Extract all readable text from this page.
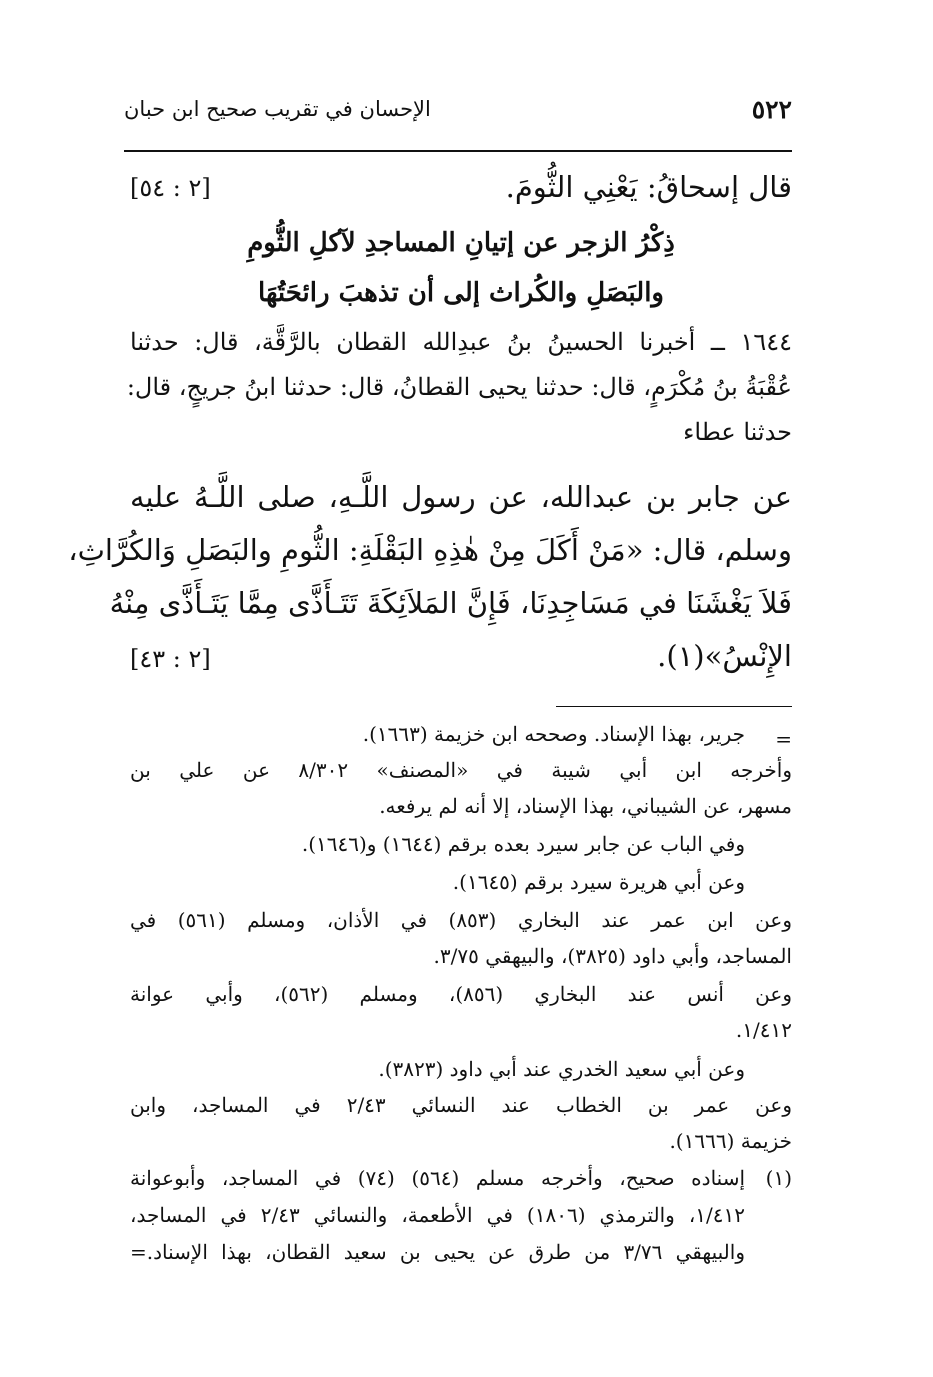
٥٢٢
الإحسان في تقريب صحيح ابن حبان
قال إسحاقُ: يَعْنِي الثُّومَ.
[٢ : ٥٤]
ذِكْرُ الزجر عن إتيانِ المساجدِ لآكلِ الثُّومِ
والبَصَلِ والكُراث إلى أن تذهبَ رائحَتُهَا
١٦٤٤ ــ أخبرنا الحسينُ بنُ عبدِالله القطان بالرَّقَّة، قال: حدثنا
عُقْبَةُ بنُ مُكْرَمٍ، قال: حدثنا يحيى القطانُ، قال: حدثنا ابنُ جريجٍ، قال:
حدثنا عطاء
عن جابر بن عبدالله، عن رسول اللَّـهِ، صلى اللَّـهُ عليه
وسلم، قال: «مَنْ أَكَلَ مِنْ هٰذِهِ البَقْلَةِ: الثُّومِ والبَصَلِ وَالكُرَّاثِ،
فَلاَ يَغْشَنَا في مَسَاجِدِنَا، فَإِنَّ المَلاَئِكَةَ تَتَـأَذَّى مِمَّا يَتَـأَذَّى مِنْهُ
الإِنْسُ»(١).
[٢ : ٤٣]
=
جرير، بهذا الإسناد. وصححه ابن خزيمة (١٦٦٣).
وأخرجه ابن أبي شيبة في «المصنف» ٨/٣٠٢ عن علي بن
مسهر، عن الشيباني، بهذا الإسناد، إلا أنه لم يرفعه.
وفي الباب عن جابر سيرد بعده برقم (١٦٤٤) و(١٦٤٦).
وعن أبي هريرة سيرد برقم (١٦٤٥).
وعن ابن عمر عند البخاري (٨٥٣) في الأذان، ومسلم (٥٦١) في
المساجد، وأبي داود (٣٨٢٥)، والبيهقي ٣/٧٥.
وعن أنس عند البخاري (٨٥٦)، ومسلم (٥٦٢)، وأبي عوانة
١/٤١٢.
وعن أبي سعيد الخدري عند أبي داود (٣٨٢٣).
وعن عمر بن الخطاب عند النسائي ٢/٤٣ في المساجد، وابن
خزيمة (١٦٦٦).
(١)
إسناده صحيح، وأخرجه مسلم (٥٦٤) (٧٤) في المساجد، وأبوعوانة
١/٤١٢، والترمذي (١٨٠٦) في الأطعمة، والنسائي ٢/٤٣ في المساجد،
والبيهقي ٣/٧٦ من طرق عن يحيى بن سعيد القطان، بهذا الإسناد.=
